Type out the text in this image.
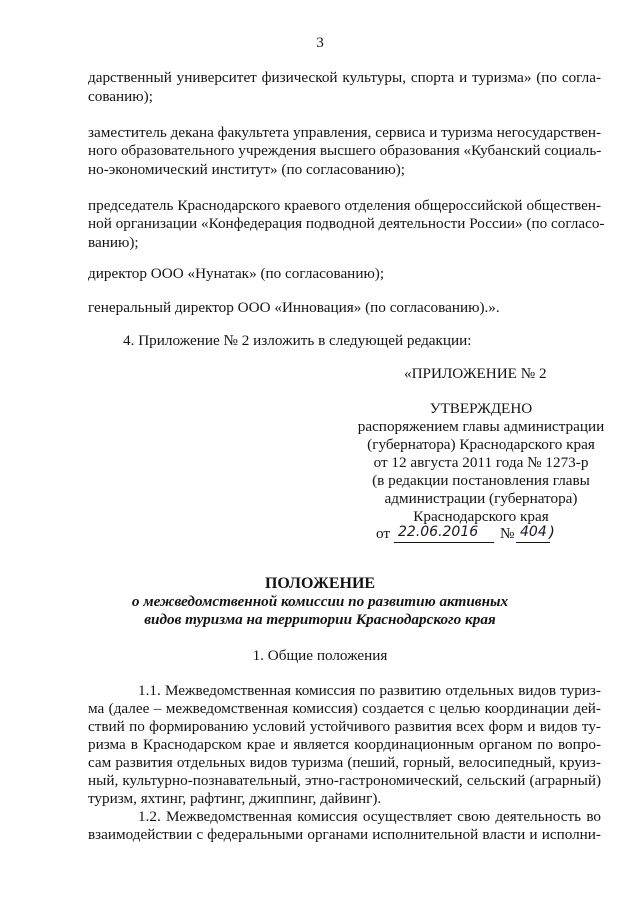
3
дарственный университет физической культуры, спорта и туризма» (по согла-
сованию);
заместитель декана факультета управления, сервиса и туризма негосударствен-
ного образовательного учреждения высшего образования «Кубанский социаль-
но-экономический институт» (по согласованию);
председатель Краснодарского краевого отделения общероссийской обществен-
ной организации «Конфедерация подводной деятельности России» (по согласо-
ванию);
директор ООО «Нунатак» (по согласованию);
генеральный директор ООО «Инновация» (по согласованию).».
4. Приложение № 2 изложить в следующей редакции:
«ПРИЛОЖЕНИЕ № 2
УТВЕРЖДЕНО
распоряжением главы администрации
(губернатора) Краснодарского края
от 12 августа 2011 года № 1273-р
(в редакции постановления главы
администрации (губернатора)
Краснодарского края
от 22.06.2016 № 404 )
ПОЛОЖЕНИЕ
о межведомственной комиссии по развитию активных
видов туризма на территории Краснодарского края
1. Общие положения
1.1. Межведомственная комиссия по развитию отдельных видов туриз-
ма (далее – межведомственная комиссия) создается с целью координации дей-
ствий по формированию условий устойчивого развития всех форм и видов ту-
ризма в Краснодарском крае и является координационным органом по вопро-
сам развития отдельных видов туризма (пеший, горный, велосипедный, круиз-
ный, культурно-познавательный, этно-гастрономический, сельский (аграрный)
туризм, яхтинг, рафтинг, джиппинг, дайвинг).
1.2. Межведомственная комиссия осуществляет свою деятельность во
взаимодействии с федеральными органами исполнительной власти и исполни-
